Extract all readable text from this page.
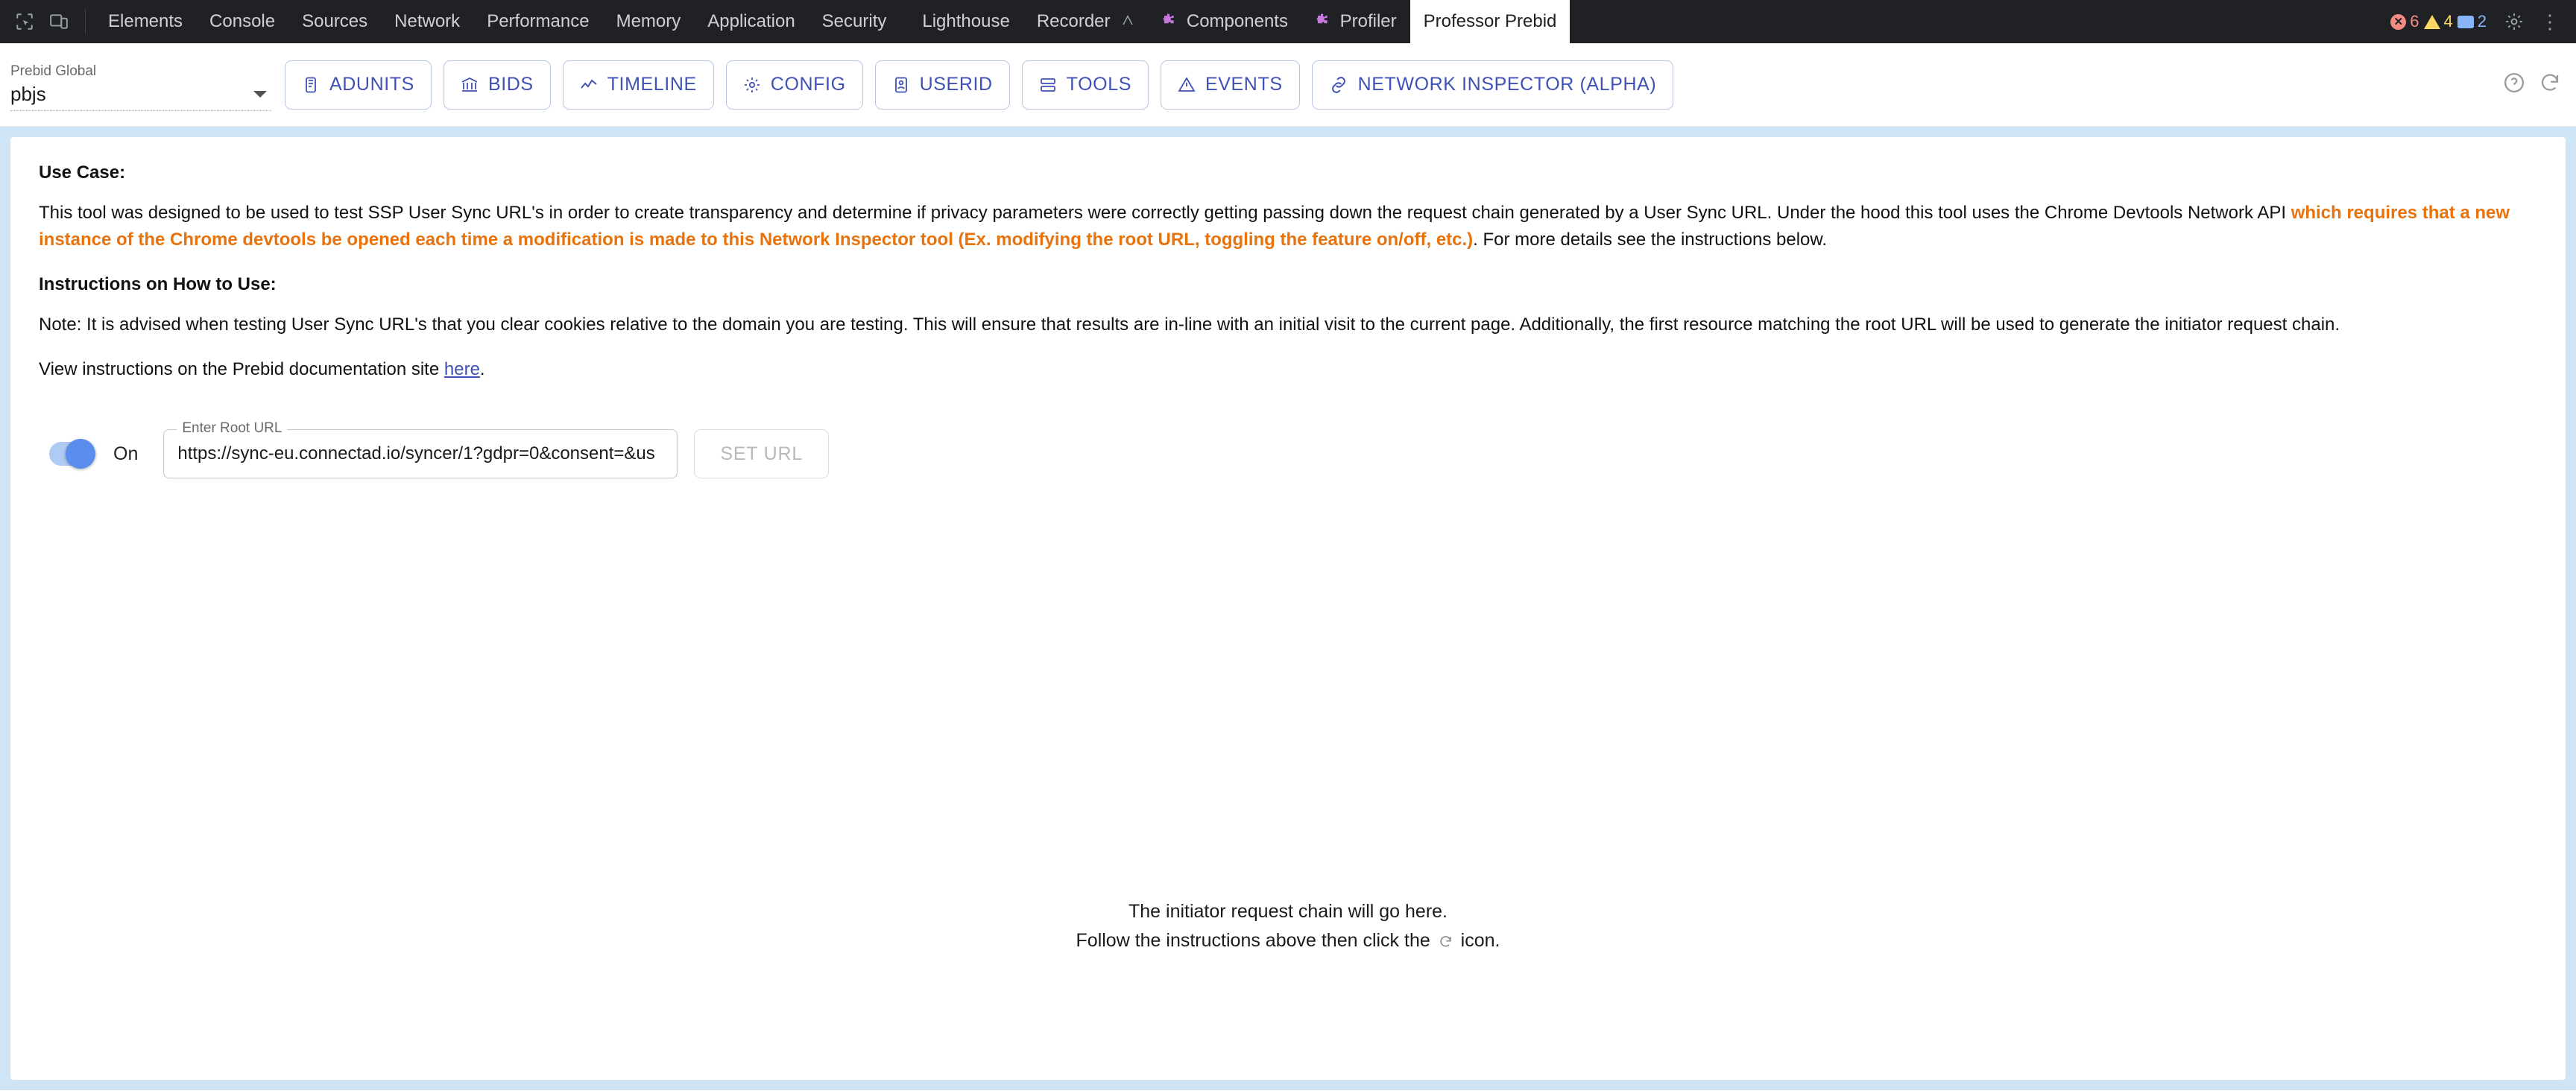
Elements	Console	Sources	Network	Performance	Memory	Application	Security	Lighthouse	Recorder	Components	Profiler	Professor Prebid	✕ 6 4 2	⋮
Prebid Global
pbjs	ADUNITS	BIDS	TIMELINE	CONFIG	USERID	TOOLS	EVENTS	NETWORK INSPECTOR (ALPHA)
Use Case:

This tool was designed to be used to test SSP User Sync URL's in order to create transparency and determine if privacy parameters were correctly getting passing down the request chain generated by a User Sync URL. Under the hood this tool uses the Chrome Devtools Network API which requires that a new instance of the Chrome devtools be opened each time a modification is made to this Network Inspector tool (Ex. modifying the root URL, toggling the feature on/off, etc.). For more details see the instructions below.

Instructions on How to Use:

Note: It is advised when testing User Sync URL's that you clear cookies relative to the domain you are testing. This will ensure that results are in-line with an initial visit to the current page. Additionally, the first resource matching the root URL will be used to generate the initiator request chain.

View instructions on the Prebid documentation site here.

On
Enter Root URL
https://sync-eu.connectad.io/syncer/1?gdpr=0&consent=&us
SET URL
The initiator request chain will go here.
Follow the instructions above then click the  icon.
